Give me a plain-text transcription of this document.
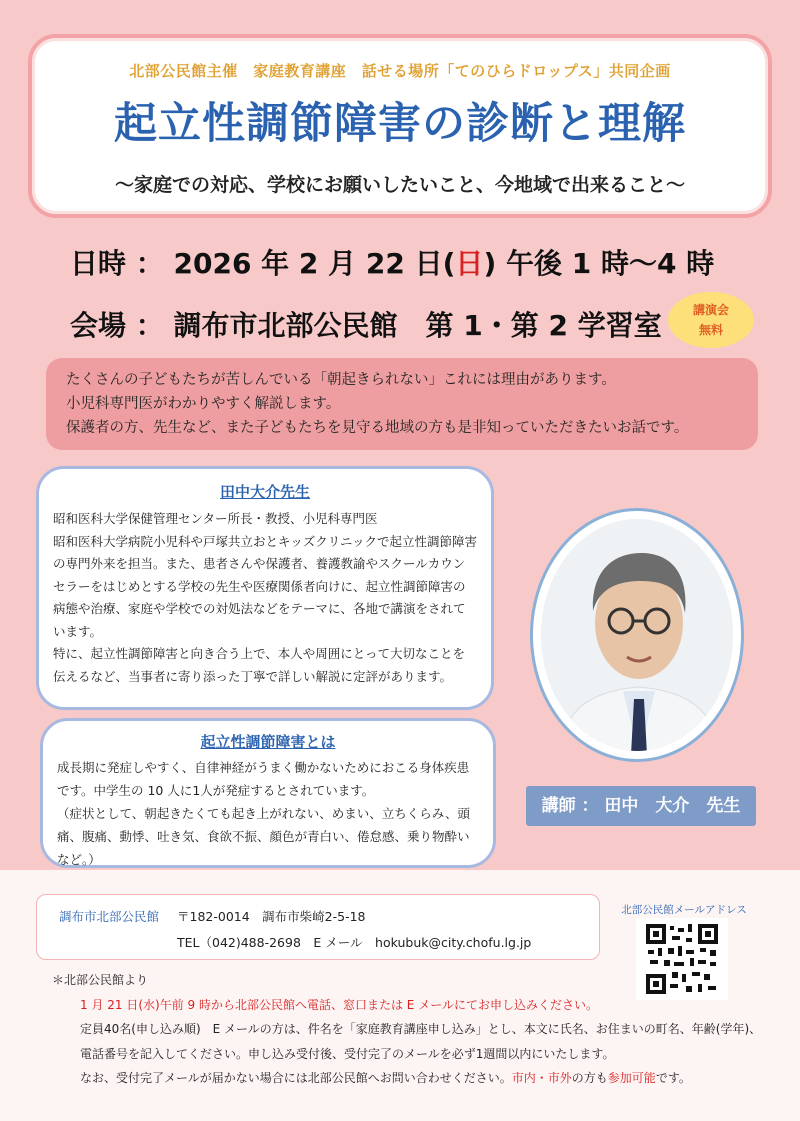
北部公民館主催　家庭教育講座　話せる場所「てのひらドロップス」共同企画
起立性調節障害の診断と理解
～家庭での対応、学校にお願いしたいこと、今地域で出来ること～
日時 ： 2026 年 2 月 22 日(日) 午後 1 時～4 時
会場 ： 調布市北部公民館　第 1・第 2 学習室	講演会
無料
たくさんの子どもたちが苦しんでいる「朝起きられない」これには理由があります。
小児科専門医がわかりやすく解説します。
保護者の方、先生など、また子どもたちを見守る地域の方も是非知っていただきたいお話です。
田中大介先生

昭和医科大学保健管理センター所長・教授、小児科専門医

昭和医科大学病院小児科や戸塚共立おとキッズクリニックで起立性調節障害の専門外来を担当。また、患者さんや保護者、養護教諭やスクールカウンセラーをはじめとする学校の先生や医療関係者向けに、起立性調節障害の病態や治療、家庭や学校での対処法などをテーマに、各地で講演をされています。

特に、起立性調節障害と向き合う上で、本人や周囲にとって大切なことを伝えるなど、当事者に寄り添った丁寧で詳しい解説に定評があります。

起立性調節障害とは

成長期に発症しやすく、自律神経がうまく働かないためにおこる身体疾患です。中学生の 10 人に1人が発症するとされています。

（症状として、朝起きたくても起き上がれない、めまい、立ちくらみ、頭痛、腹痛、動悸、吐き気、食欲不振、顔色が青白い、倦怠感、乗り物酔いなど。）

講師 ： 田中　大介　先生
調布市北部公民館 〒182-0014　調布市柴崎2-5-18
TEL（042)488-2698　E メール　hokubuk@city.chofu.lg.jp
北部公民館メールアドレス
＊北部公民館より
1 月 21 日(水)午前 9 時から北部公民館へ電話、窓口または E メールにてお申し込みください。
定員40名(申し込み順)　E メールの方は、件名を「家庭教育講座申し込み」とし、本文に氏名、お住まいの町名、年齢(学年)、電話番号を記入してください。申し込み受付後、受付完了のメールを必ず1週間以内にいたします。
なお、受付完了メールが届かない場合には北部公民館へお問い合わせください。市内・市外の方も参加可能です。
